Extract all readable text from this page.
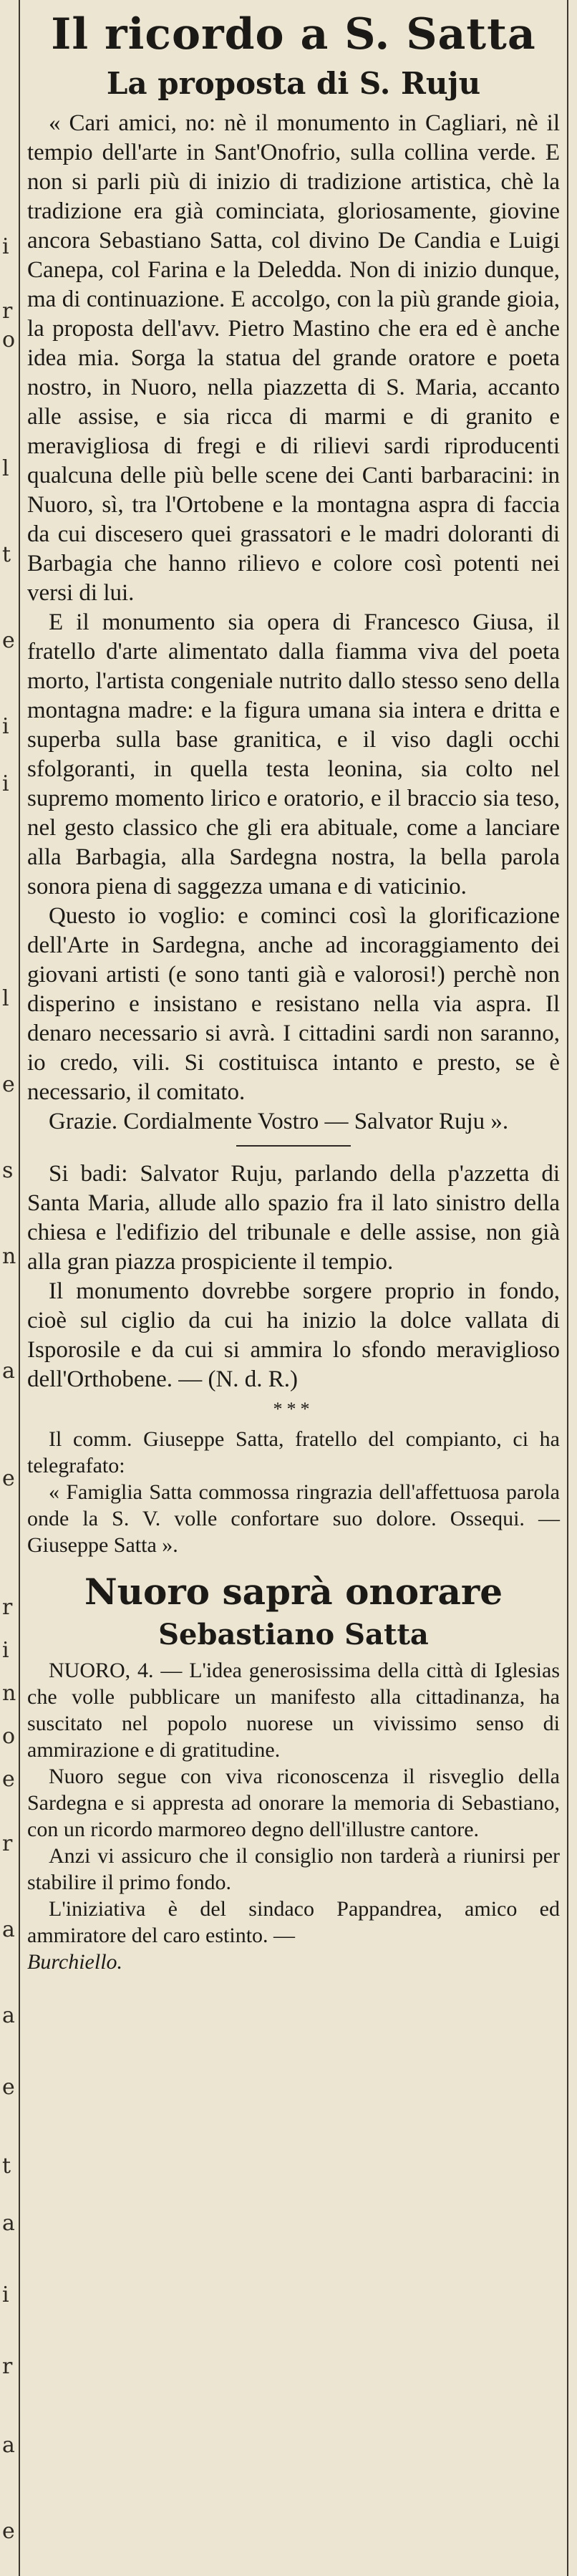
i
r
o
l
t
e
i
i
l
e
s
n
a
e
r
i
n
o
e
r
a
a
e
t
a
i
r
a
e
Il ricordo a S. Satta
La proposta di S. Ruju

« Cari amici, no: nè il monumento in Cagliari, nè il tempio dell'arte in Sant'Onofrio, sulla collina verde. E non si parli più di inizio di tradizione artistica, chè la tradizione era già cominciata, gloriosamente, giovine ancora Sebastiano Satta, col divino De Candia e Luigi Canepa, col Farina e la Deledda. Non di inizio dunque, ma di continuazione. E accolgo, con la più grande gioia, la proposta dell'avv. Pietro Mastino che era ed è anche idea mia. Sorga la statua del grande oratore e poeta nostro, in Nuoro, nella piazzetta di S. Maria, accanto alle assise, e sia ricca di marmi e di granito e meravigliosa di fregi e di rilievi sardi riproducenti qualcuna delle più belle scene dei Canti barbaracini: in Nuoro, sì, tra l'Ortobene e la montagna aspra di faccia da cui discesero quei grassatori e le madri doloranti di Barbagia che hanno rilievo e colore così potenti nei versi di lui.

E il monumento sia opera di Francesco Giusa, il fratello d'arte alimentato dalla fiamma viva del poeta morto, l'artista congeniale nutrito dallo stesso seno della montagna madre: e la figura umana sia intera e dritta e superba sulla base granitica, e il viso dagli occhi sfolgoranti, in quella testa leonina, sia colto nel supremo momento lirico e oratorio, e il braccio sia teso, nel gesto classico che gli era abituale, come a lanciare alla Barbagia, alla Sardegna nostra, la bella parola sonora piena di saggezza umana e di vaticinio.

Questo io voglio: e cominci così la glorificazione dell'Arte in Sardegna, anche ad incoraggiamento dei giovani artisti (e sono tanti già e valorosi!) perchè non disperino e insistano e resistano nella via aspra. Il denaro necessario si avrà. I cittadini sardi non saranno, io credo, vili. Si costituisca intanto e presto, se è necessario, il comitato.

Grazie. Cordialmente Vostro — Salvator Ruju ».

Si badi: Salvator Ruju, parlando della p'azzetta di Santa Maria, allude allo spazio fra il lato sinistro della chiesa e l'edifizio del tribunale e delle assise, non già alla gran piazza prospiciente il tempio.

Il monumento dovrebbe sorgere proprio in fondo, cioè sul ciglio da cui ha inizio la dolce vallata di Isporosile e da cui si ammira lo sfondo meraviglioso dell'Orthobene. — (N. d. R.)

***

Il comm. Giuseppe Satta, fratello del compianto, ci ha telegrafato:

« Famiglia Satta commossa ringrazia dell'affettuosa parola onde la S. V. volle confortare suo dolore. Ossequi. — Giuseppe Satta ».

Nuoro saprà onorare
Sebastiano Satta

NUORO, 4. — L'idea generosissima della città di Iglesias che volle pubblicare un manifesto alla cittadinanza, ha suscitato nel popolo nuorese un vivissimo senso di ammirazione e di gratitudine.

Nuoro segue con viva riconoscenza il risveglio della Sardegna e si appresta ad onorare la memoria di Sebastiano, con un ricordo marmoreo degno dell'illustre cantore.

Anzi vi assicuro che il consiglio non tarderà a riunirsi per stabilire il primo fondo.

L'iniziativa è del sindaco Pappandrea, amico ed ammiratore del caro estinto. —

Burchiello.
